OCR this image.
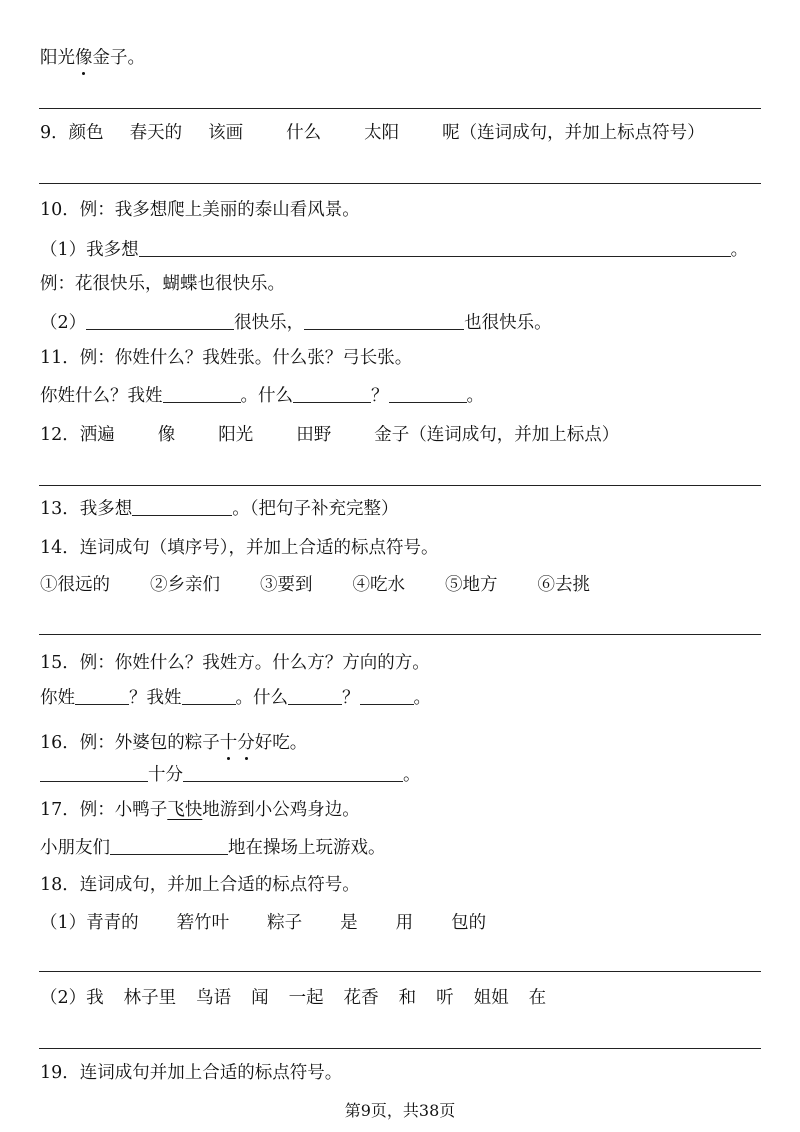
阳光像金子。
9．颜色 春天的 该画 什么 太阳 呢（连词成句，并加上标点符号）
10．例：我多想爬上美丽的泰山看风景。
（1）我多想	。
例：花很快乐，蝴蝶也很快乐。
（2）	很快乐，	也很快乐。
11．例：你姓什么？我姓张。什么张？弓长张。
你姓什么？我姓	。什么	？	。
12．洒遍 像 阳光 田野 金子（连词成句，并加上标点）
13．我多想	。（把句子补充完整）
14．连词成句（填序号），并加上合适的标点符号。
①很远的 ②乡亲们 ③要到 ④吃水 ⑤地方 ⑥去挑
15．例：你姓什么？我姓方。什么方？方向的方。
你姓	？我姓	。什么	？	。
16．例：外婆包的粽子十分好吃。
十分	。
17．例：小鸭子飞快地游到小公鸡身边。
小朋友们	地在操场上玩游戏。
18．连词成句，并加上合适的标点符号。
（1）青青的 箬竹叶 粽子 是 用 包的
（2）我 林子里 鸟语 闻 一起 花香 和 听 姐姐 在
19．连词成句并加上合适的标点符号。
第9页，共38页
